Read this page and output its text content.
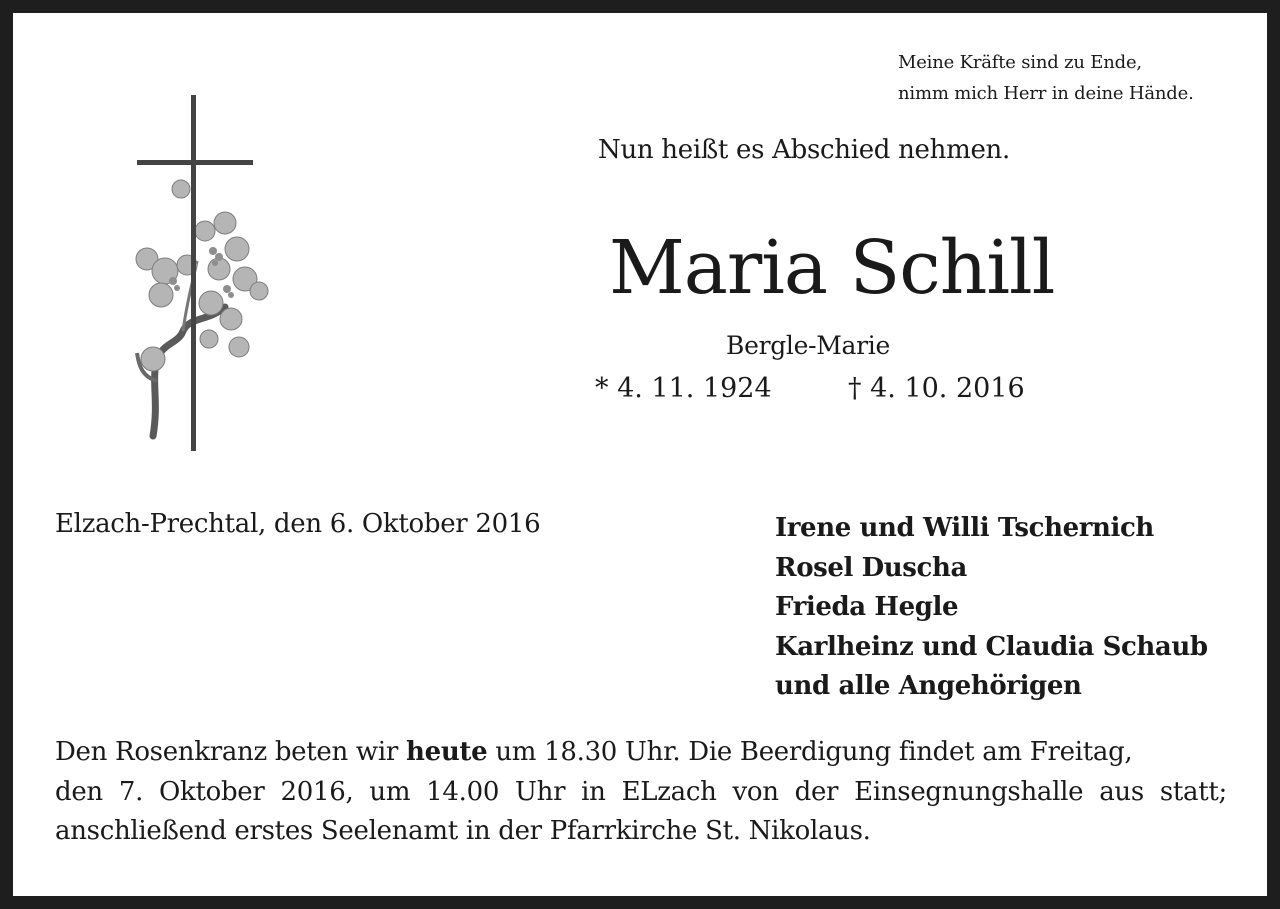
Meine Kräfte sind zu Ende,
nimm mich Herr in deine Hände.
Nun heißt es Abschied nehmen.
Maria Schill
Bergle-Marie
* 4. 11. 1924	† 4. 10. 2016
Elzach-Prechtal, den 6. Oktober 2016	Irene und Willi Tschernich
Rosel Duscha
Frieda Hegle
Karlheinz und Claudia Schaub
und alle Angehörigen
Den Rosenkranz beten wir heute um 18.30 Uhr. Die Beerdigung findet am Freitag,
den 7. Oktober 2016, um 14.00 Uhr in ELzach von der Einsegnungshalle aus statt;
anschließend erstes Seelenamt in der Pfarrkirche St. Nikolaus.
